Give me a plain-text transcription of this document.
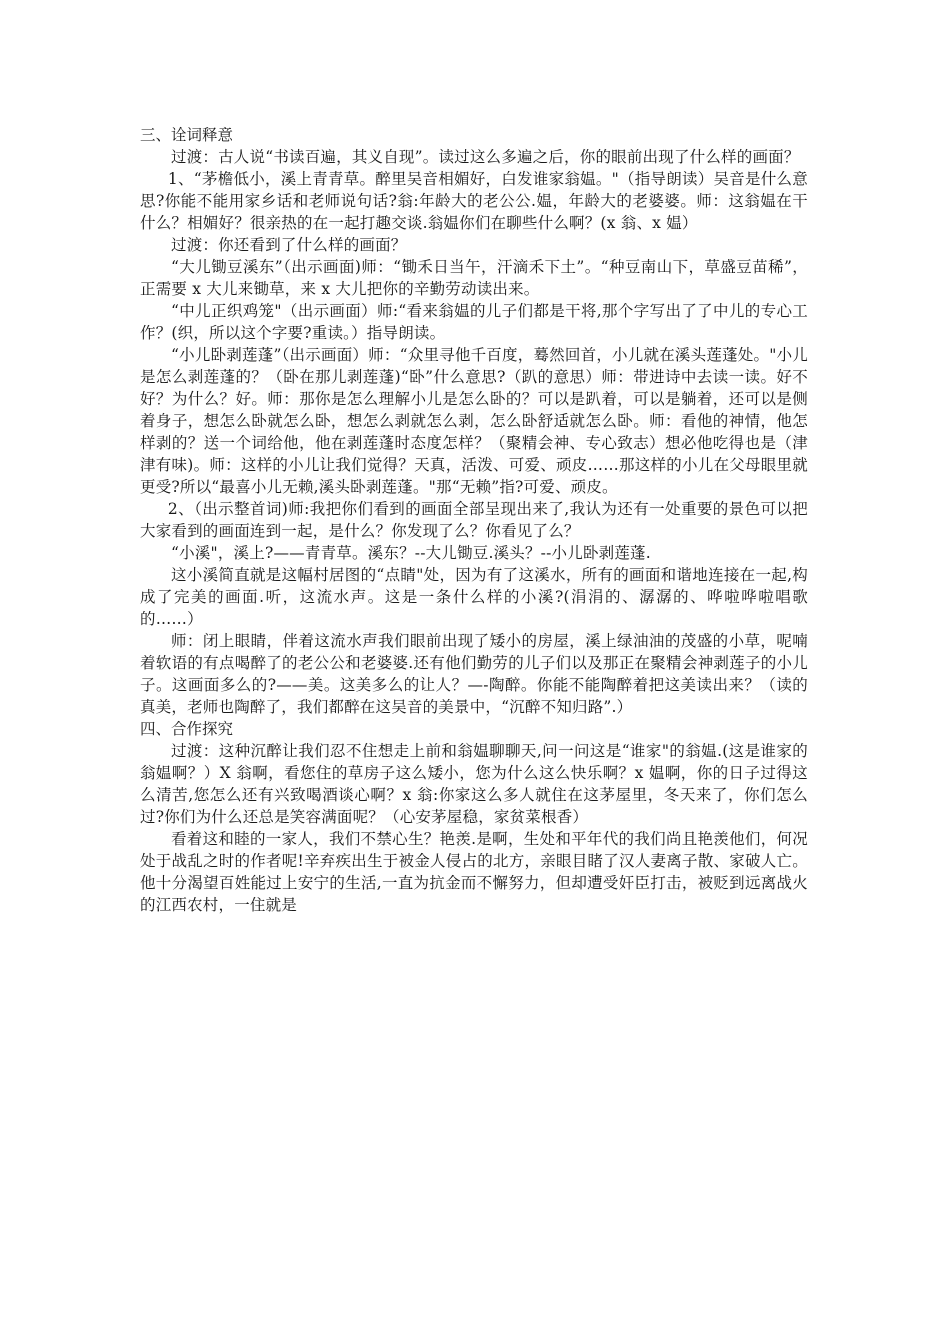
三、诠词释意

过渡：古人说“书读百遍，其义自现”。读过这么多遍之后，你的眼前出现了什么样的画面？

1、“茅檐低小，溪上青青草。醉里吴音相媚好，白发谁家翁媪。"（指导朗读）吴音是什么意思?你能不能用家乡话和老师说句话?翁:年龄大的老公公.媪，年龄大的老婆婆。师：这翁媪在干什么？相媚好？很亲热的在一起打趣交谈.翁媪你们在聊些什么啊？(x 翁、x 媪）

过渡：你还看到了什么样的画面？

“大儿锄豆溪东”（出示画面)师：“锄禾日当午，汗滴禾下土”。“种豆南山下，草盛豆苗稀”，正需要 x 大儿来锄草，来 x 大儿把你的辛勤劳动读出来。

“中儿正织鸡笼"（出示画面）师:“看来翁媪的儿子们都是干将,那个字写出了了中儿的专心工作？(织，所以这个字要?重读。）指导朗读。

“小儿卧剥莲蓬”（出示画面）师：“众里寻他千百度，蓦然回首，小儿就在溪头莲蓬处。"小儿是怎么剥莲蓬的？（卧在那儿剥莲蓬)“卧”什么意思?（趴的意思）师：带进诗中去读一读。好不好？为什么？好。师：那你是怎么理解小儿是怎么卧的？可以是趴着，可以是躺着，还可以是侧着身子，想怎么卧就怎么卧，想怎么剥就怎么剥，怎么卧舒适就怎么卧。师：看他的神情，他怎样剥的？送一个词给他，他在剥莲蓬时态度怎样？（聚精会神、专心致志）想必他吃得也是（津津有味)。师：这样的小儿让我们觉得？天真，活泼、可爱、顽皮……那这样的小儿在父母眼里就更受?所以“最喜小儿无赖,溪头卧剥莲蓬。"那“无赖”指?可爱、顽皮。

2、（出示整首词)师:我把你们看到的画面全部呈现出来了,我认为还有一处重要的景色可以把大家看到的画面连到一起，是什么？你发现了么？你看见了么？

“小溪"，溪上?——青青草。溪东？--大儿锄豆.溪头？--小儿卧剥莲蓬.

这小溪简直就是这幅村居图的“点睛"处，因为有了这溪水，所有的画面和谐地连接在一起,构成了完美的画面.听，这流水声。这是一条什么样的小溪?(涓涓的、潺潺的、哗啦哗啦唱歌的……）

师：闭上眼睛，伴着这流水声我们眼前出现了矮小的房屋，溪上绿油油的茂盛的小草，呢喃着软语的有点喝醉了的老公公和老婆婆.还有他们勤劳的儿子们以及那正在聚精会神剥莲子的小儿子。这画面多么的?——美。这美多么的让人？—-陶醉。你能不能陶醉着把这美读出来？（读的真美，老师也陶醉了，我们都醉在这吴音的美景中，“沉醉不知归路”.）

四、合作探究

过渡：这种沉醉让我们忍不住想走上前和翁媪聊聊天,问一问这是“谁家"的翁媪.(这是谁家的翁媪啊？）X 翁啊，看您住的草房子这么矮小，您为什么这么快乐啊？x 媪啊，你的日子过得这么清苦,您怎么还有兴致喝酒谈心啊？x 翁:你家这么多人就住在这茅屋里，冬天来了，你们怎么过?你们为什么还总是笑容满面呢？（心安茅屋稳，家贫菜根香）

看着这和睦的一家人，我们不禁心生？艳羡.是啊，生处和平年代的我们尚且艳羡他们，何况处于战乱之时的作者呢!辛弃疾出生于被金人侵占的北方，亲眼目睹了汉人妻离子散、家破人亡。他十分渴望百姓能过上安宁的生活,一直为抗金而不懈努力，但却遭受奸臣打击，被贬到远离战火的江西农村，一住就是
